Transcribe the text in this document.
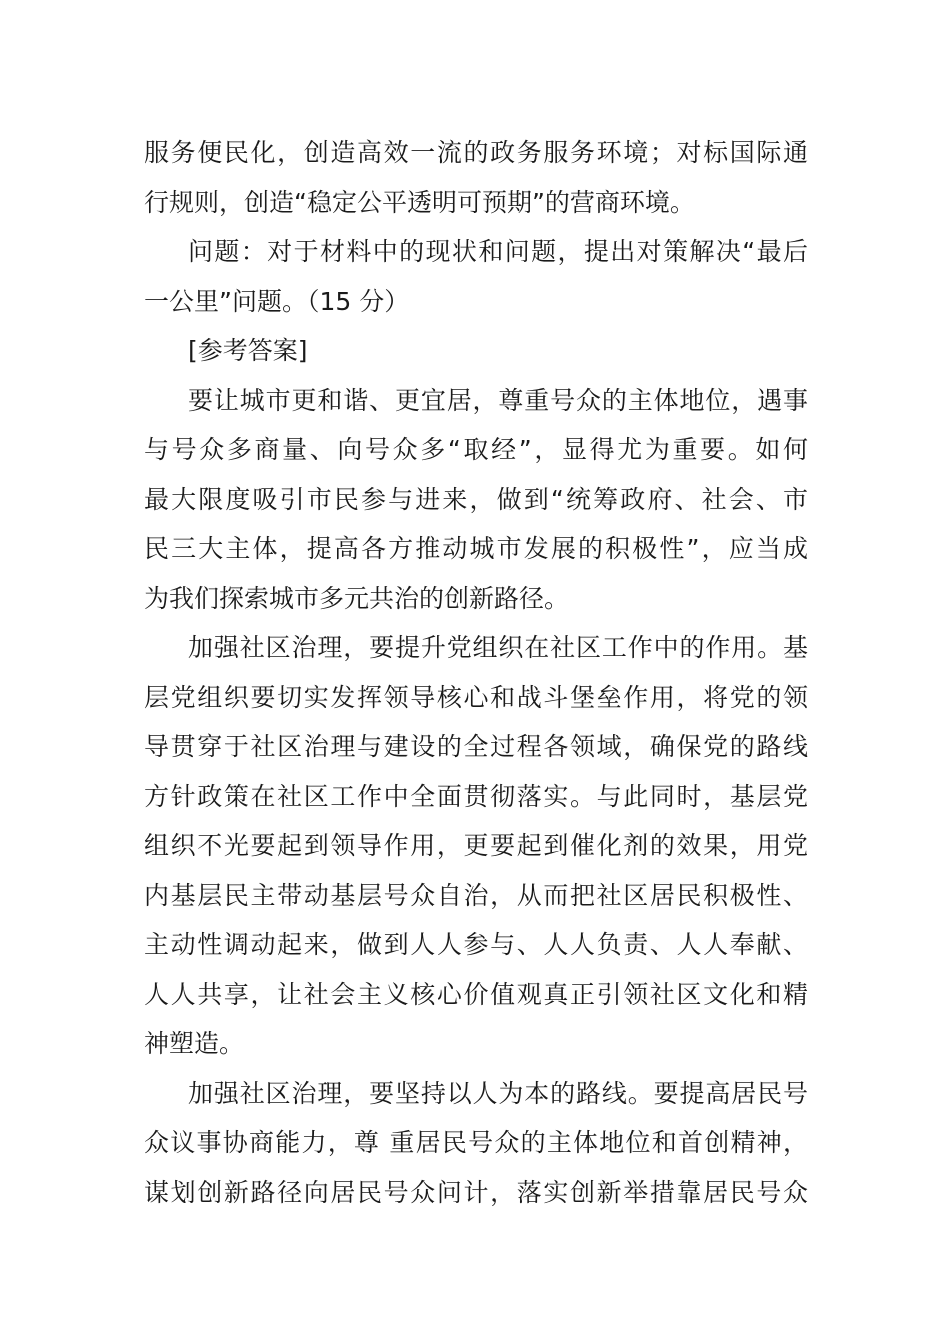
服务便民化，创造高效一流的政务服务环境；对标国际通
行规则，创造“稳定公平透明可预期”的营商环境。
问题：对于材料中的现状和问题，提出对策解决“最后
一公里”问题。（15 分）
[参考答案]
要让城市更和谐、更宜居，尊重号众的主体地位，遇事
与号众多商量、向号众多“取经”，显得尤为重要。如何
最大限度吸引市民参与进来，做到“统筹政府、社会、市
民三大主体，提高各方推动城市发展的积极性”，应当成
为我们探索城市多元共治的创新路径。
加强社区治理，要提升党组织在社区工作中的作用。基
层党组织要切实发挥领导核心和战斗堡垒作用，将党的领
导贯穿于社区治理与建设的全过程各领域，确保党的路线
方针政策在社区工作中全面贯彻落实。与此同时，基层党
组织不光要起到领导作用，更要起到催化剂的效果，用党
内基层民主带动基层号众自治，从而把社区居民积极性、
主动性调动起来，做到人人参与、人人负责、人人奉献、
人人共享，让社会主义核心价值观真正引领社区文化和精
神塑造。
加强社区治理，要坚持以人为本的路线。要提高居民号
众议事协商能力，尊 重居民号众的主体地位和首创精神，
谋划创新路径向居民号众问计，落实创新举措靠居民号众
